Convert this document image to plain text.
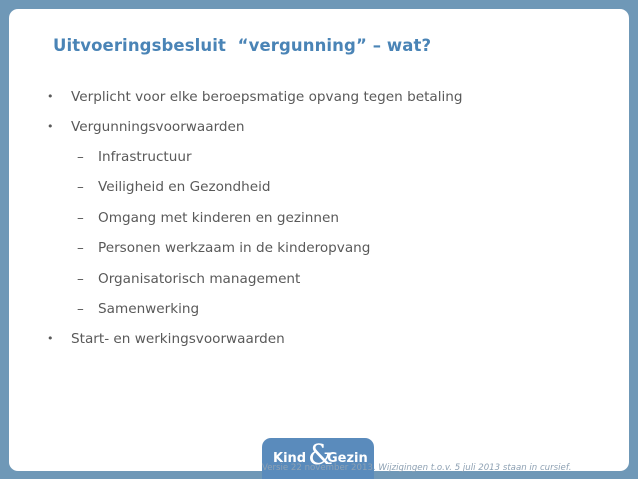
Uitvoeringsbesluit  “vergunning” – wat?
• Verplicht voor elke beroepsmatige opvang tegen betaling
• Vergunningsvoorwaarden
– Infrastructuur
– Veiligheid en Gezondheid
– Omgang met kinderen en gezinnen
– Personen werkzaam in de kinderopvang
– Organisatorisch management
– Samenwerking
• Start- en werkingsvoorwaarden
Kind &
Gezin
Versie 22 november 2013. Wijzigingen t.o.v. 5 juli 2013 staan in cursief.
